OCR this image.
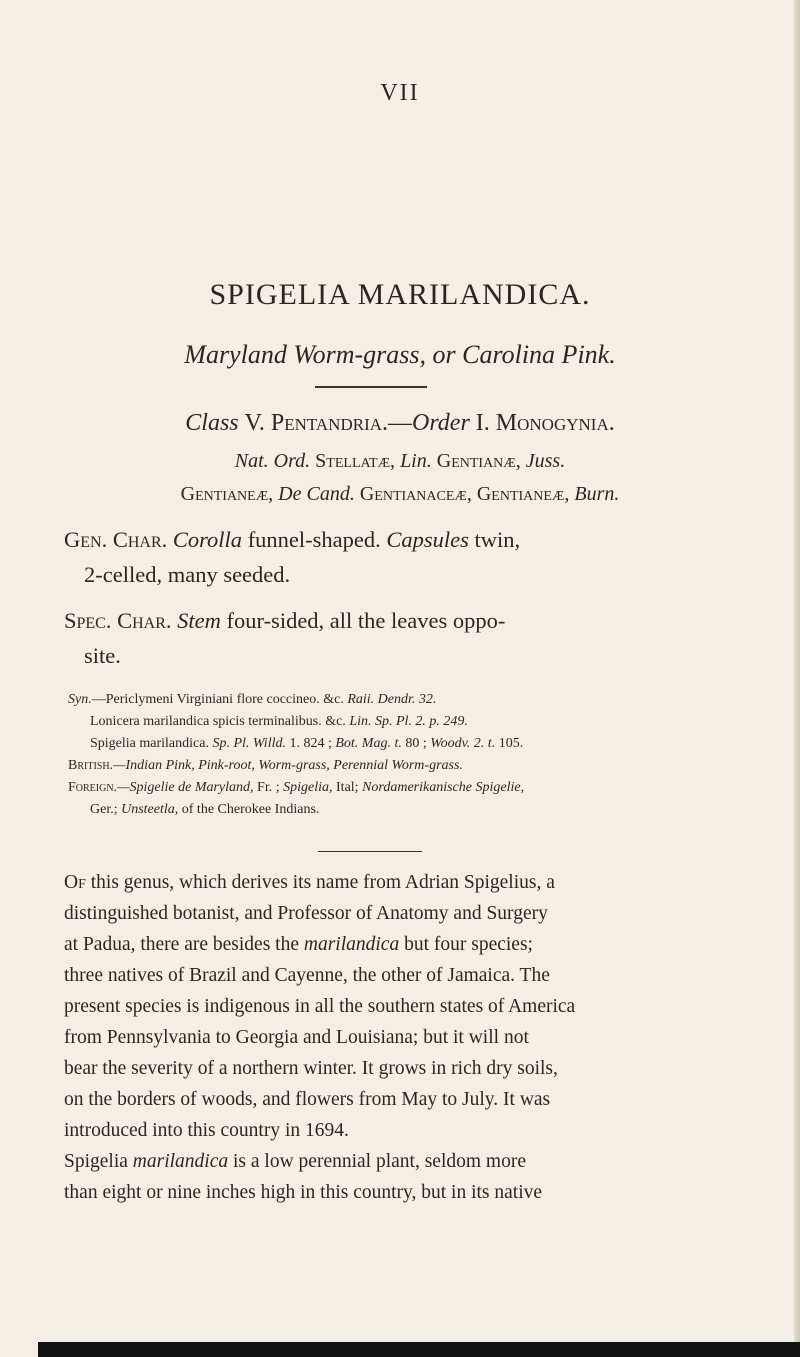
VII
SPIGELIA MARILANDICA.
Maryland Worm-grass, or Carolina Pink.
Class V. Pentandria.—Order I. Monogynia.
Nat. Ord. Stellatæ, Lin. Gentianæ, Juss.
Gentianeæ, De Cand. Gentianaceæ, Gentianeæ, Burn.
Gen. Char. Corolla funnel-shaped. Capsules twin,
2-celled, many seeded.
Spec. Char. Stem four-sided, all the leaves oppo-
site.
Syn.—Periclymeni Virginiani flore coccineo. &c. Raii. Dendr. 32.
Lonicera marilandica spicis terminalibus. &c. Lin. Sp. Pl. 2. p. 249.
Spigelia marilandica. Sp. Pl. Willd. 1. 824 ; Bot. Mag. t. 80 ; Woodv. 2. t. 105.
British.—Indian Pink, Pink-root, Worm-grass, Perennial Worm-grass.
Foreign.—Spigelie de Maryland, Fr. ; Spigelia, Ital; Nordamerikanische Spigelie,
Ger.; Unsteetla, of the Cherokee Indians.
Of this genus, which derives its name from Adrian Spigelius, a
distinguished botanist, and Professor of Anatomy and Surgery
at Padua, there are besides the marilandica but four species;
three natives of Brazil and Cayenne, the other of Jamaica. The
present species is indigenous in all the southern states of America
from Pennsylvania to Georgia and Louisiana; but it will not
bear the severity of a northern winter. It grows in rich dry soils,
on the borders of woods, and flowers from May to July. It was
introduced into this country in 1694.
Spigelia marilandica is a low perennial plant, seldom more
than eight or nine inches high in this country, but in its native
